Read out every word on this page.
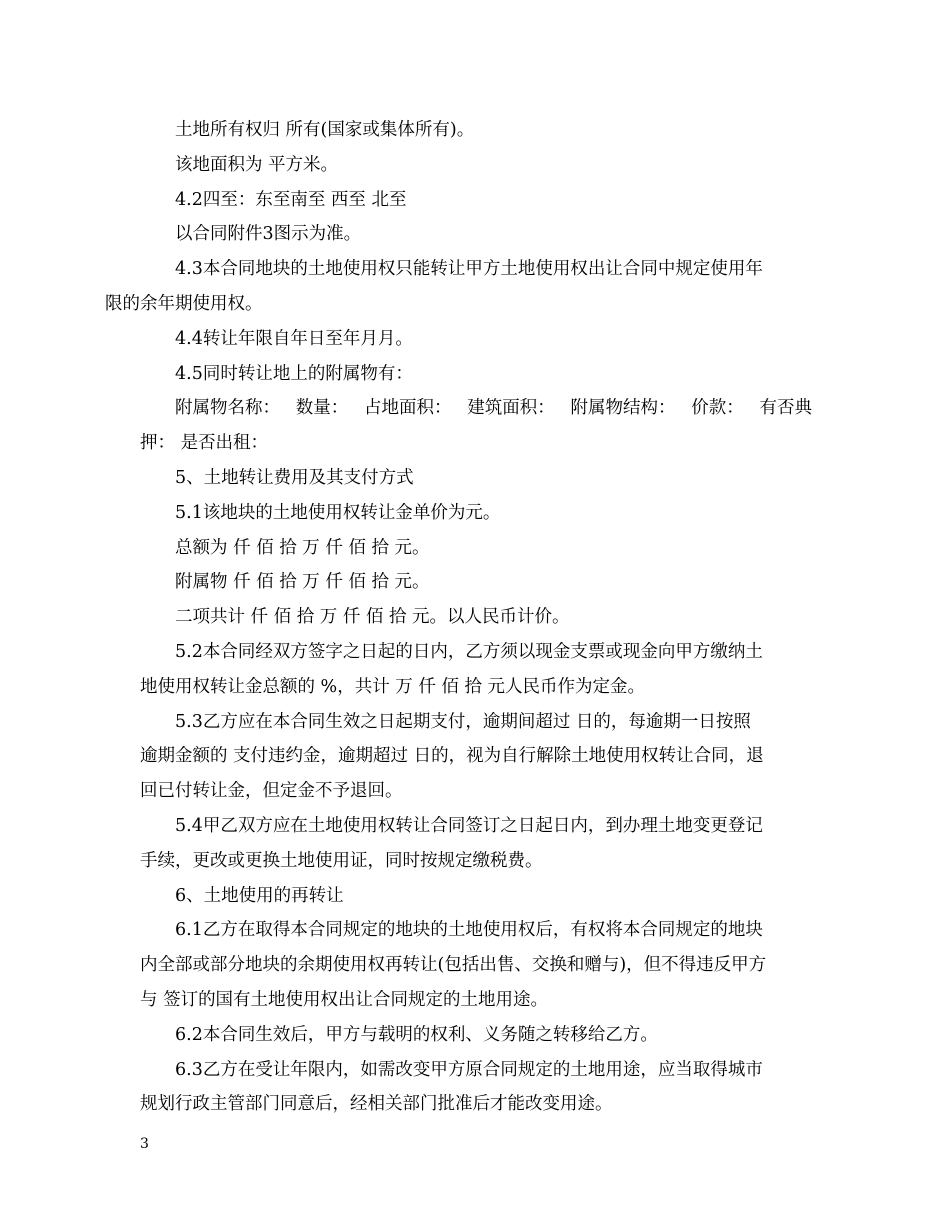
土地所有权归 所有(国家或集体所有)。

该地面积为 平方米。

4.2四至：东至南至 西至 北至

以合同附件3图示为准。

4.3本合同地块的土地使用权只能转让甲方土地使用权出让合同中规定使用年
限的余年期使用权。

4.4转让年限自年日至年月月。

4.5同时转让地上的附属物有：

附属物名称： 数量： 占地面积： 建筑面积： 附属物结构： 价款： 有否典

押： 是否出租：

5、土地转让费用及其支付方式

5.1该地块的土地使用权转让金单价为元。

总额为 仟 佰 拾 万 仟 佰 拾 元。

附属物 仟 佰 拾 万 仟 佰 拾 元。

二项共计 仟 佰 拾 万 仟 佰 拾 元。以人民币计价。

5.2本合同经双方签字之日起的日内，乙方须以现金支票或现金向甲方缴纳土
地使用权转让金总额的 %，共计 万 仟 佰 拾 元人民币作为定金。

5.3乙方应在本合同生效之日起期支付，逾期间超过 日的，每逾期一日按照
逾期金额的 支付违约金，逾期超过 日的，视为自行解除土地使用权转让合同，退
回已付转让金，但定金不予退回。

5.4甲乙双方应在土地使用权转让合同签订之日起日内，到办理土地变更登记
手续，更改或更换土地使用证，同时按规定缴税费。

6、土地使用的再转让

6.1乙方在取得本合同规定的地块的土地使用权后，有权将本合同规定的地块
内全部或部分地块的余期使用权再转让(包括出售、交换和赠与)，但不得违反甲方
与 签订的国有土地使用权出让合同规定的土地用途。

6.2本合同生效后，甲方与载明的权利、义务随之转移给乙方。

6.3乙方在受让年限内，如需改变甲方原合同规定的土地用途，应当取得城市
规划行政主管部门同意后，经相关部门批准后才能改变用途。

3
